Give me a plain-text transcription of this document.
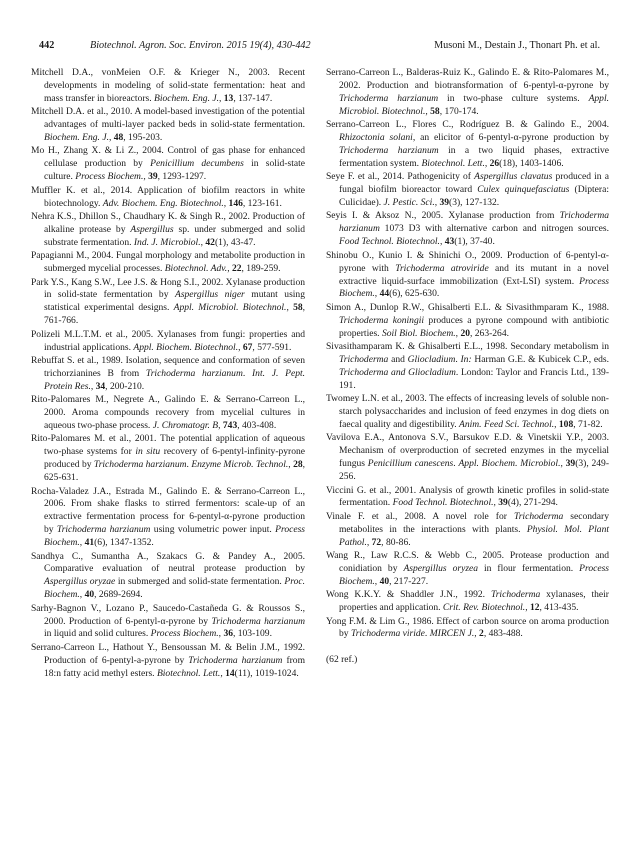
442	Biotechnol. Agron. Soc. Environ. 2015 19(4), 430-442	Musoni M., Destain J., Thonart Ph. et al.

Mitchell D.A., vonMeien O.F. & Krieger N., 2003. Recent developments in modeling of solid-state fermentation: heat and mass transfer in bioreactors. Biochem. Eng. J., 13, 137-147.

Mitchell D.A. et al., 2010. A model-based investigation of the potential advantages of multi-layer packed beds in solid-state fermentation. Biochem. Eng. J., 48, 195-203.

Mo H., Zhang X. & Li Z., 2004. Control of gas phase for enhanced cellulase production by Penicillium decumbens in solid-state culture. Process Biochem., 39, 1293-1297.

Muffler K. et al., 2014. Application of biofilm reactors in white biotechnology. Adv. Biochem. Eng. Biotechnol., 146, 123-161.

Nehra K.S., Dhillon S., Chaudhary K. & Singh R., 2002. Production of alkaline protease by Aspergillus sp. under submerged and solid substrate fermentation. Ind. J. Microbiol., 42(1), 43-47.

Papagianni M., 2004. Fungal morphology and metabolite production in submerged mycelial processes. Biotechnol. Adv., 22, 189-259.

Park Y.S., Kang S.W., Lee J.S. & Hong S.I., 2002. Xylanase production in solid-state fermentation by Aspergillus niger mutant using statistical experimental designs. Appl. Microbiol. Biotechnol., 58, 761-766.

Polizeli M.L.T.M. et al., 2005. Xylanases from fungi: properties and industrial applications. Appl. Biochem. Biotechnol., 67, 577-591.

Rebuffat S. et al., 1989. Isolation, sequence and conformation of seven trichorzianines B from Trichoderma harzianum. Int. J. Pept. Protein Res., 34, 200-210.

Rito-Palomares M., Negrete A., Galindo E. & Serrano-Carreon L., 2000. Aroma compounds recovery from mycelial cultures in aqueous two-phase process. J. Chromatogr. B, 743, 403-408.

Rito-Palomares M. et al., 2001. The potential application of aqueous two-phase systems for in situ recovery of 6-pentyl-infinity-pyrone produced by Trichoderma harzianum. Enzyme Microb. Technol., 28, 625-631.

Rocha-Valadez J.A., Estrada M., Galindo E. & Serrano-Carreon L., 2006. From shake flasks to stirred fermentors: scale-up of an extractive fermentation process for 6-pentyl-α-pyrone production by Trichoderma harzianum using volumetric power input. Process Biochem., 41(6), 1347-1352.

Sandhya C., Sumantha A., Szakacs G. & Pandey A., 2005. Comparative evaluation of neutral protease production by Aspergillus oryzae in submerged and solid-state fermentation. Proc. Biochem., 40, 2689-2694.

Sarhy-Bagnon V., Lozano P., Saucedo-Castañeda G. & Roussos S., 2000. Production of 6-pentyl-α-pyrone by Trichoderma harzianum in liquid and solid cultures. Process Biochem., 36, 103-109.

Serrano-Carreon L., Hathout Y., Bensoussan M. & Belin J.M., 1992. Production of 6-pentyl-a-pyrone by Trichoderma harzianum from 18:n fatty acid methyl esters. Biotechnol. Lett., 14(11), 1019-1024.

Serrano-Carreon L., Balderas-Ruiz K., Galindo E. & Rito-Palomares M., 2002. Production and biotransformation of 6-pentyl-α-pyrone by Trichoderma harzianum in two-phase culture systems. Appl. Microbiol. Biotechnol., 58, 170-174.

Serrano-Carreon L., Flores C., Rodríguez B. & Galindo E., 2004. Rhizoctonia solani, an elicitor of 6-pentyl-α-pyrone production by Trichoderma harzianum in a two liquid phases, extractive fermentation system. Biotechnol. Lett., 26(18), 1403-1406.

Seye F. et al., 2014. Pathogenicity of Aspergillus clavatus produced in a fungal biofilm bioreactor toward Culex quinquefasciatus (Diptera: Culicidae). J. Pestic. Sci., 39(3), 127-132.

Seyis I. & Aksoz N., 2005. Xylanase production from Trichoderma harzianum 1073 D3 with alternative carbon and nitrogen sources. Food Technol. Biotechnol., 43(1), 37-40.

Shinobu O., Kunio I. & Shinichi O., 2009. Production of 6-pentyl-α-pyrone with Trichoderma atroviride and its mutant in a novel extractive liquid-surface immobilization (Ext-LSI) system. Process Biochem., 44(6), 625-630.

Simon A., Dunlop R.W., Ghisalberti E.L. & Sivasithmparam K., 1988. Trichoderma koningii produces a pyrone compound with antibiotic properties. Soil Biol. Biochem., 20, 263-264.

Sivasithamparam K. & Ghisalberti E.L., 1998. Secondary metabolism in Trichoderma and Gliocladium. In: Harman G.E. & Kubicek C.P., eds. Trichoderma and Gliocladium. London: Taylor and Francis Ltd., 139-191.

Twomey L.N. et al., 2003. The effects of increasing levels of soluble non-starch polysaccharides and inclusion of feed enzymes in dog diets on faecal quality and digestibility. Anim. Feed Sci. Technol., 108, 71-82.

Vavilova E.A., Antonova S.V., Barsukov E.D. & Vinetskii Y.P., 2003. Mechanism of overproduction of secreted enzymes in the mycelial fungus Penicillium canescens. Appl. Biochem. Microbiol., 39(3), 249-256.

Viccini G. et al., 2001. Analysis of growth kinetic profiles in solid-state fermentation. Food Technol. Biotechnol., 39(4), 271-294.

Vinale F. et al., 2008. A novel role for Trichoderma secondary metabolites in the interactions with plants. Physiol. Mol. Plant Pathol., 72, 80-86.

Wang R., Law R.C.S. & Webb C., 2005. Protease production and conidiation by Aspergillus oryzea in flour fermentation. Process Biochem., 40, 217-227.

Wong K.K.Y. & Shaddler J.N., 1992. Trichoderma xylanases, their properties and application. Crit. Rev. Biotechnol., 12, 413-435.

Yong F.M. & Lim G., 1986. Effect of carbon source on aroma production by Trichoderma viride. MIRCEN J., 2, 483-488.

(62 ref.)
